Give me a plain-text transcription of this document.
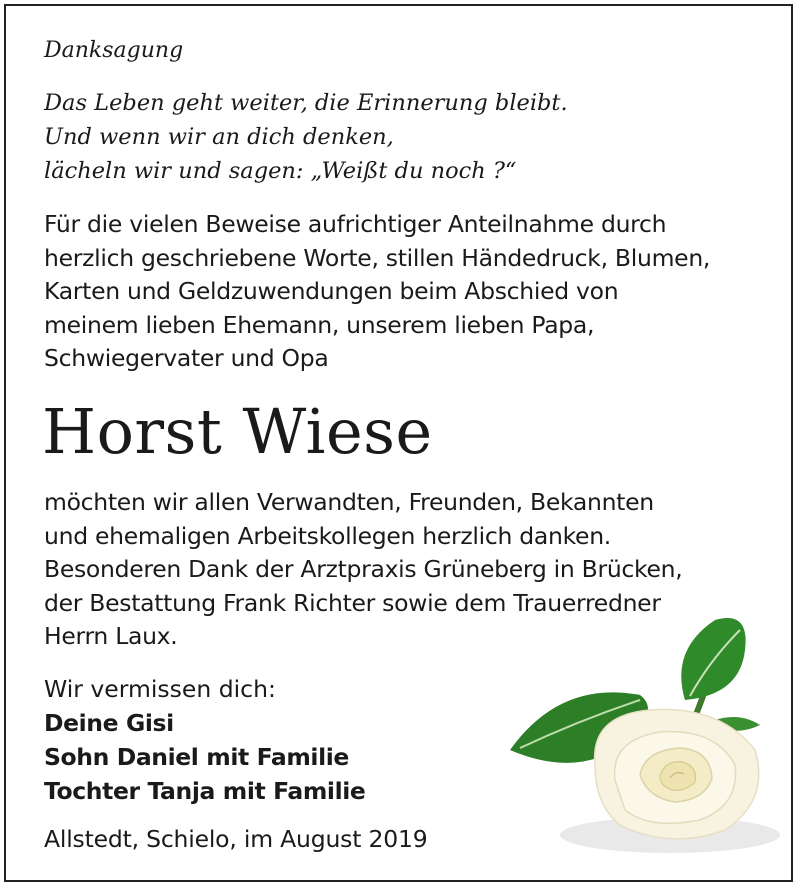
Danksagung
Das Leben geht weiter, die Erinnerung bleibt.
Und wenn wir an dich denken,
lächeln wir und sagen: „Weißt du noch ?“
Für die vielen Beweise aufrichtiger Anteilnahme durch
herzlich geschriebene Worte, stillen Händedruck, Blumen,
Karten und Geldzuwendungen beim Abschied von
meinem lieben Ehemann, unserem lieben Papa,
Schwiegervater und Opa
Horst Wiese
möchten wir allen Verwandten, Freunden, Bekannten
und ehemaligen Arbeitskollegen herzlich danken.
Besonderen Dank der Arztpraxis Grüneberg in Brücken,
der Bestattung Frank Richter sowie dem Trauerredner
Herrn Laux.
Wir vermissen dich:
Deine Gisi
Sohn Daniel mit Familie
Tochter Tanja mit Familie
Allstedt, Schielo, im August 2019
